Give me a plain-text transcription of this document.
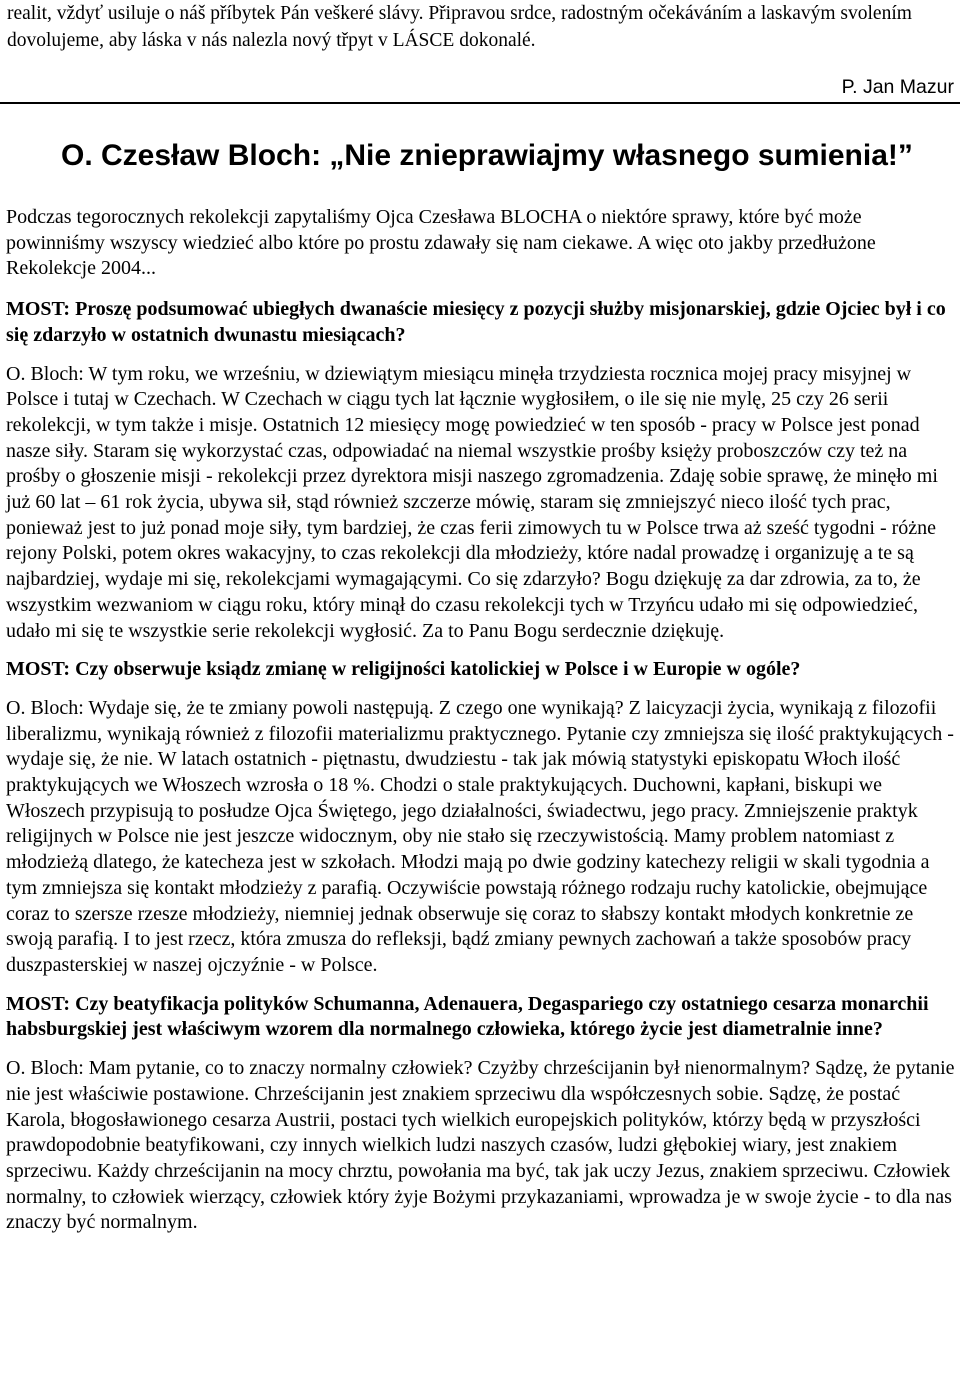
realit, vždyť usiluje o náš příbytek Pán veškeré slávy. Připravou srdce, radostným očekáváním a laskavým svolením dovolujeme, aby láska v nás nalezla nový třpyt v LÁSCE dokonalé.

P. Jan Mazur

O. Czesław Bloch: „Nie znieprawiajmy własnego sumienia!”

Podczas tegorocznych rekolekcji zapytaliśmy Ojca Czesława BLOCHA o niektóre sprawy, które być może powinniśmy wszyscy wiedzieć albo które po prostu zdawały się nam ciekawe. A więc oto jakby przedłużone Rekolekcje 2004...

MOST: Proszę podsumować ubiegłych dwanaście miesięcy z pozycji służby misjonarskiej, gdzie Ojciec był i co się zdarzyło w ostatnich dwunastu miesiącach?

O. Bloch: W tym roku, we wrześniu, w dziewiątym miesiącu minęła trzydziesta rocznica mojej pracy misyjnej w Polsce i tutaj w Czechach. W Czechach w ciągu tych lat łącznie wygłosiłem, o ile się nie mylę, 25 czy 26 serii rekolekcji, w tym także i misje. Ostatnich 12 miesięcy mogę powiedzieć w ten sposób - pracy w Polsce jest ponad nasze siły. Staram się wykorzystać czas, odpowiadać na niemal wszystkie prośby księży proboszczów czy też na prośby o głoszenie misji - rekolekcji przez dyrektora misji naszego zgromadzenia. Zdaję sobie sprawę, że minęło mi już 60 lat – 61 rok życia, ubywa sił, stąd również szczerze mówię, staram się zmniejszyć nieco ilość tych prac, ponieważ jest to już ponad moje siły, tym bardziej, że czas ferii zimowych tu w Polsce trwa aż sześć tygodni - różne rejony Polski, potem okres wakacyjny, to czas rekolekcji dla młodzieży, które nadal prowadzę i organizuję a te są najbardziej, wydaje mi się, rekolekcjami wymagającymi. Co się zdarzyło? Bogu dziękuję za dar zdrowia, za to, że wszystkim wezwaniom w ciągu roku, który minął do czasu rekolekcji tych w Trzyńcu udało mi się odpowiedzieć, udało mi się te wszystkie serie rekolekcji wygłosić. Za to Panu Bogu serdecznie dziękuję.

MOST: Czy obserwuje ksiądz zmianę w religijności katolickiej w Polsce i w Europie w ogóle?

O. Bloch: Wydaje się, że te zmiany powoli następują. Z czego one wynikają? Z laicyzacji życia, wynikają z filozofii liberalizmu, wynikają również z filozofii materializmu praktycznego. Pytanie czy zmniejsza się ilość praktykujących - wydaje się, że nie. W latach ostatnich - piętnastu, dwudziestu - tak jak mówią statystyki episkopatu Włoch ilość praktykujących we Włoszech wzrosła o 18 %. Chodzi o stale praktykujących. Duchowni, kapłani, biskupi we Włoszech przypisują to posłudze Ojca Świętego, jego działalności, świadectwu, jego pracy. Zmniejszenie praktyk religijnych w Polsce nie jest jeszcze widocznym, oby nie stało się rzeczywistością. Mamy problem natomiast z młodzieżą dlatego, że katecheza jest w szkołach. Młodzi mają po dwie godziny katechezy religii w skali tygodnia a tym zmniejsza się kontakt młodzieży z parafią. Oczywiście powstają różnego rodzaju ruchy katolickie, obejmujące coraz to szersze rzesze młodzieży, niemniej jednak obserwuje się coraz to słabszy kontakt młodych konkretnie ze swoją parafią. I to jest rzecz, która zmusza do refleksji, bądź zmiany pewnych zachowań a także sposobów pracy duszpasterskiej w naszej ojczyźnie - w Polsce.

MOST: Czy beatyfikacja polityków Schumanna, Adenauera, Degaspariego czy ostatniego cesarza monarchii habsburgskiej jest właściwym wzorem dla normalnego człowieka, którego życie jest diametralnie inne?

O. Bloch: Mam pytanie, co to znaczy normalny człowiek? Czyżby chrześcijanin był nienormalnym? Sądzę, że pytanie nie jest właściwie postawione. Chrześcijanin jest znakiem sprzeciwu dla współczesnych sobie. Sądzę, że postać Karola, błogosławionego cesarza Austrii, postaci tych wielkich europejskich polityków, którzy będą w przyszłości prawdopodobnie beatyfikowani, czy innych wielkich ludzi naszych czasów, ludzi głębokiej wiary, jest znakiem sprzeciwu. Każdy chrześcijanin na mocy chrztu, powołania ma być, tak jak uczy Jezus, znakiem sprzeciwu. Człowiek normalny, to człowiek wierzący, człowiek który żyje Bożymi przykazaniami, wprowadza je w swoje życie - to dla nas znaczy być normalnym.
